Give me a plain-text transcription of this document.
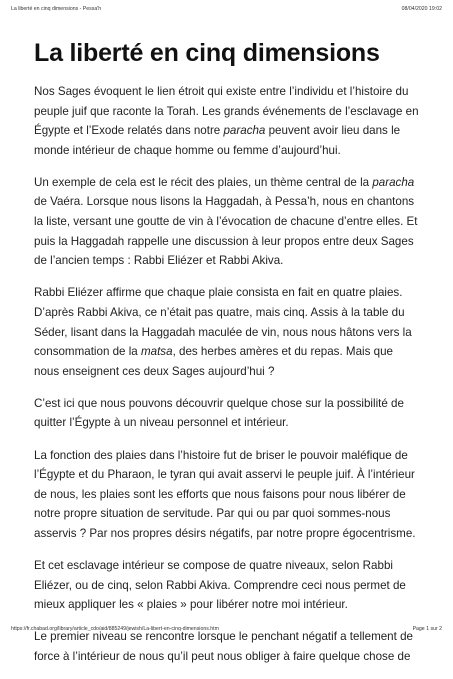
La liberté en cinq dimensions - Pessa'h	08/04/2020 19:02
La liberté en cinq dimensions

Nos Sages évoquent le lien étroit qui existe entre l’individu et l’histoire du peuple juif que raconte la Torah. Les grands événements de l’esclavage en Égypte et l’Exode relatés dans notre paracha peuvent avoir lieu dans le monde intérieur de chaque homme ou femme d’aujourd’hui.

Un exemple de cela est le récit des plaies, un thème central de la paracha de Vaéra. Lorsque nous lisons la Haggadah, à Pessa’h, nous en chantons la liste, versant une goutte de vin à l’évocation de chacune d’entre elles. Et puis la Haggadah rappelle une discussion à leur propos entre deux Sages de l’ancien temps : Rabbi Eliézer et Rabbi Akiva.

Rabbi Eliézer affirme que chaque plaie consista en fait en quatre plaies. D’après Rabbi Akiva, ce n’était pas quatre, mais cinq. Assis à la table du Séder, lisant dans la Haggadah maculée de vin, nous nous hâtons vers la consommation de la matsa, des herbes amères et du repas. Mais que nous enseignent ces deux Sages aujourd’hui ?

C’est ici que nous pouvons découvrir quelque chose sur la possibilité de quitter l’Égypte à un niveau personnel et intérieur.

La fonction des plaies dans l’histoire fut de briser le pouvoir maléfique de l’Égypte et du Pharaon, le tyran qui avait asservi le peuple juif. À l’intérieur de nous, les plaies sont les efforts que nous faisons pour nous libérer de notre propre situation de servitude. Par qui ou par quoi sommes-nous asservis ? Par nos propres désirs négatifs, par notre propre égocentrisme.

Et cet esclavage intérieur se compose de quatre niveaux, selon Rabbi Eliézer, ou de cinq, selon Rabbi Akiva. Comprendre ceci nous permet de mieux appliquer les « plaies » pour libérer notre moi intérieur.

Le premier niveau se rencontre lorsque le penchant négatif a tellement de force à l’intérieur de nous qu’il peut nous obliger à faire quelque chose de

https://fr.chabad.org/library/article_cdo/aid/885249/jewish/La-libert-en-cinq-dimensions.htm	Page 1 sur 2
